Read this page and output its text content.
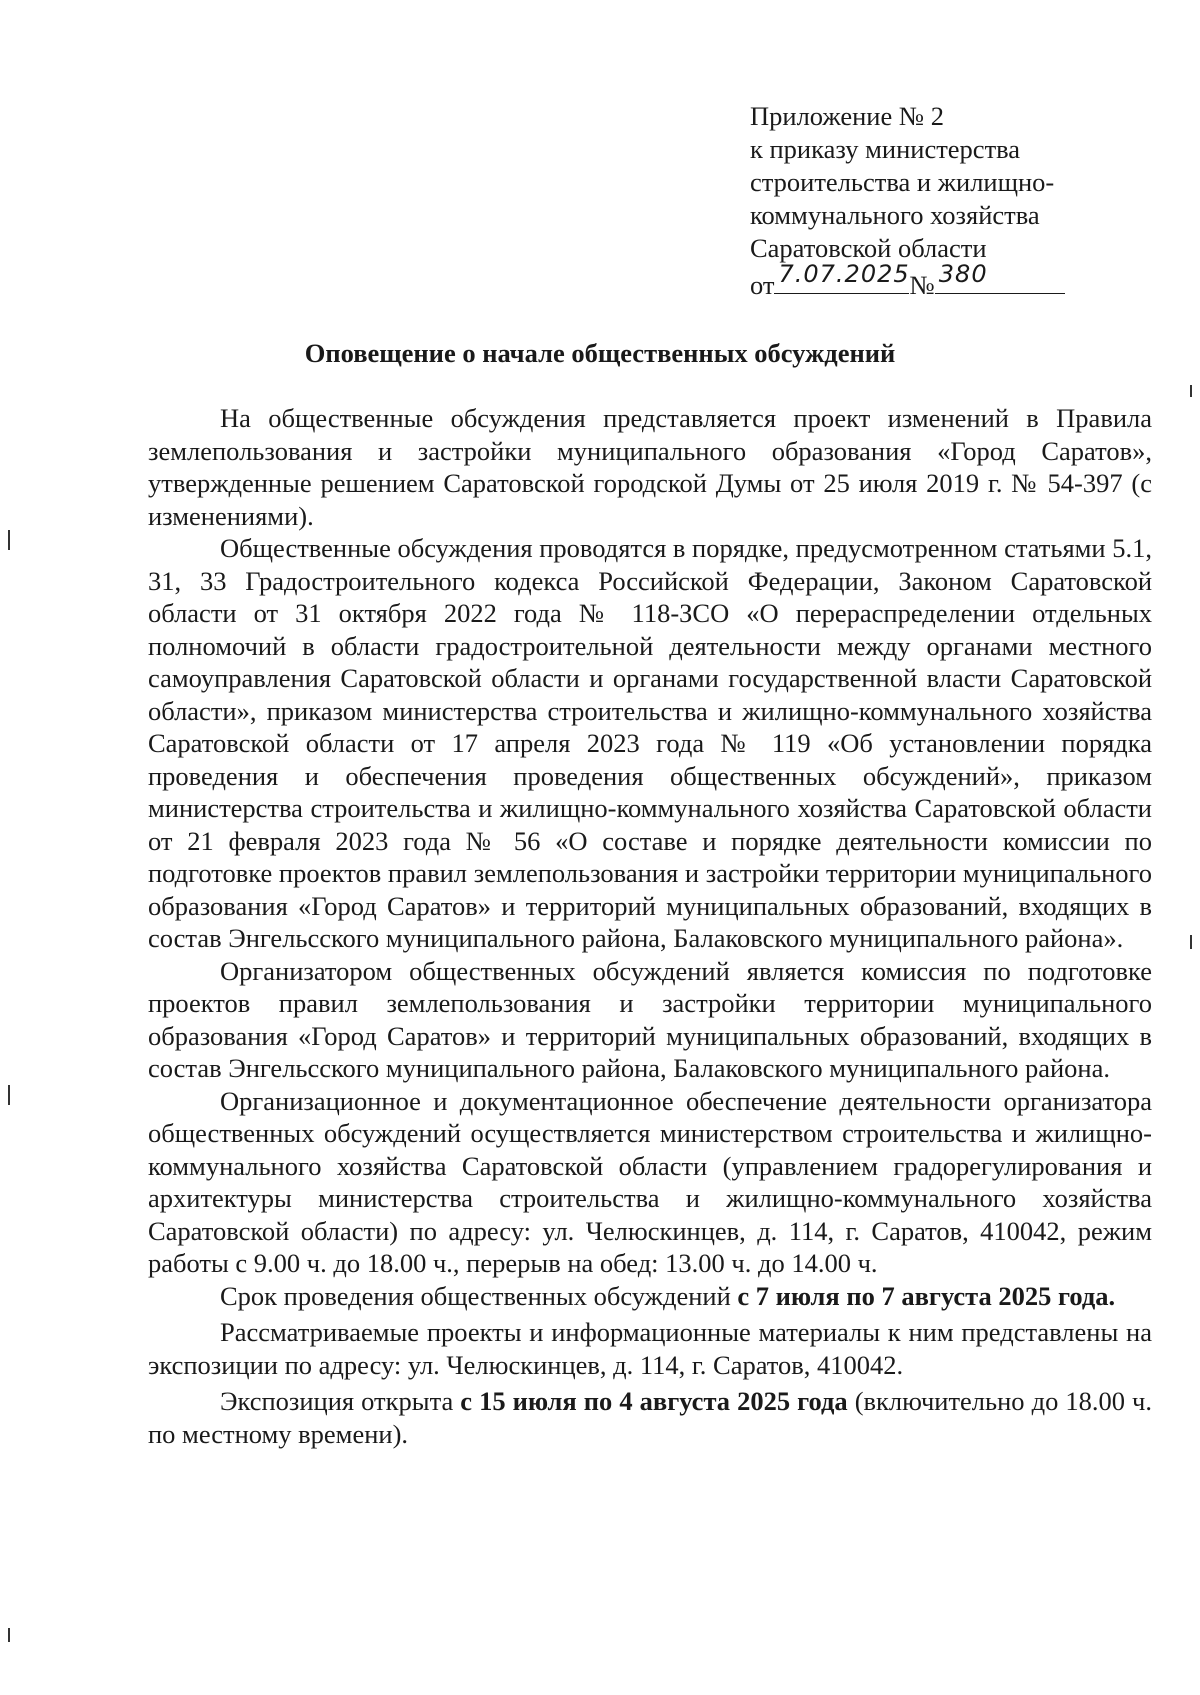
Приложение № 2
к приказу министерства
строительства и жилищно-
коммунального хозяйства
Саратовской области
от 7.07.2025 № 380
Оповещение о начале общественных обсуждений

На общественные обсуждения представляется проект изменений в Правила землепользования и застройки муниципального образования «Город Саратов», утвержденные решением Саратовской городской Думы от 25 июля 2019 г. № 54-397 (с изменениями).

Общественные обсуждения проводятся в порядке, предусмотренном статьями 5.1, 31, 33 Градостроительного кодекса Российской Федерации, Законом Саратовской области от 31 октября 2022 года № 118-ЗСО «О перераспределении отдельных полномочий в области градостроительной деятельности между органами местного самоуправления Саратовской области и органами государственной власти Саратовской области», приказом министерства строительства и жилищно-коммунального хозяйства Саратовской области от 17 апреля 2023 года № 119 «Об установлении порядка проведения и обеспечения проведения общественных обсуждений», приказом министерства строительства и жилищно-коммунального хозяйства Саратовской области от 21 февраля 2023 года № 56 «О составе и порядке деятельности комиссии по подготовке проектов правил землепользования и застройки территории муниципального образования «Город Саратов» и территорий муниципальных образований, входящих в состав Энгельсского муниципального района, Балаковского муниципального района».

Организатором общественных обсуждений является комиссия по подготовке проектов правил землепользования и застройки территории муниципального образования «Город Саратов» и территорий муниципальных образований, входящих в состав Энгельсского муниципального района, Балаковского муниципального района.

Организационное и документационное обеспечение деятельности организатора общественных обсуждений осуществляется министерством строительства и жилищно-коммунального хозяйства Саратовской области (управлением градорегулирования и архитектуры министерства строительства и жилищно-коммунального хозяйства Саратовской области) по адресу: ул. Челюскинцев, д. 114, г. Саратов, 410042, режим работы с 9.00 ч. до 18.00 ч., перерыв на обед: 13.00 ч. до 14.00 ч.

Срок проведения общественных обсуждений с 7 июля по 7 августа 2025 года.

Рассматриваемые проекты и информационные материалы к ним представлены на экспозиции по адресу: ул. Челюскинцев, д. 114, г. Саратов, 410042.

Экспозиция открыта с 15 июля по 4 августа 2025 года (включительно до 18.00 ч. по местному времени).
